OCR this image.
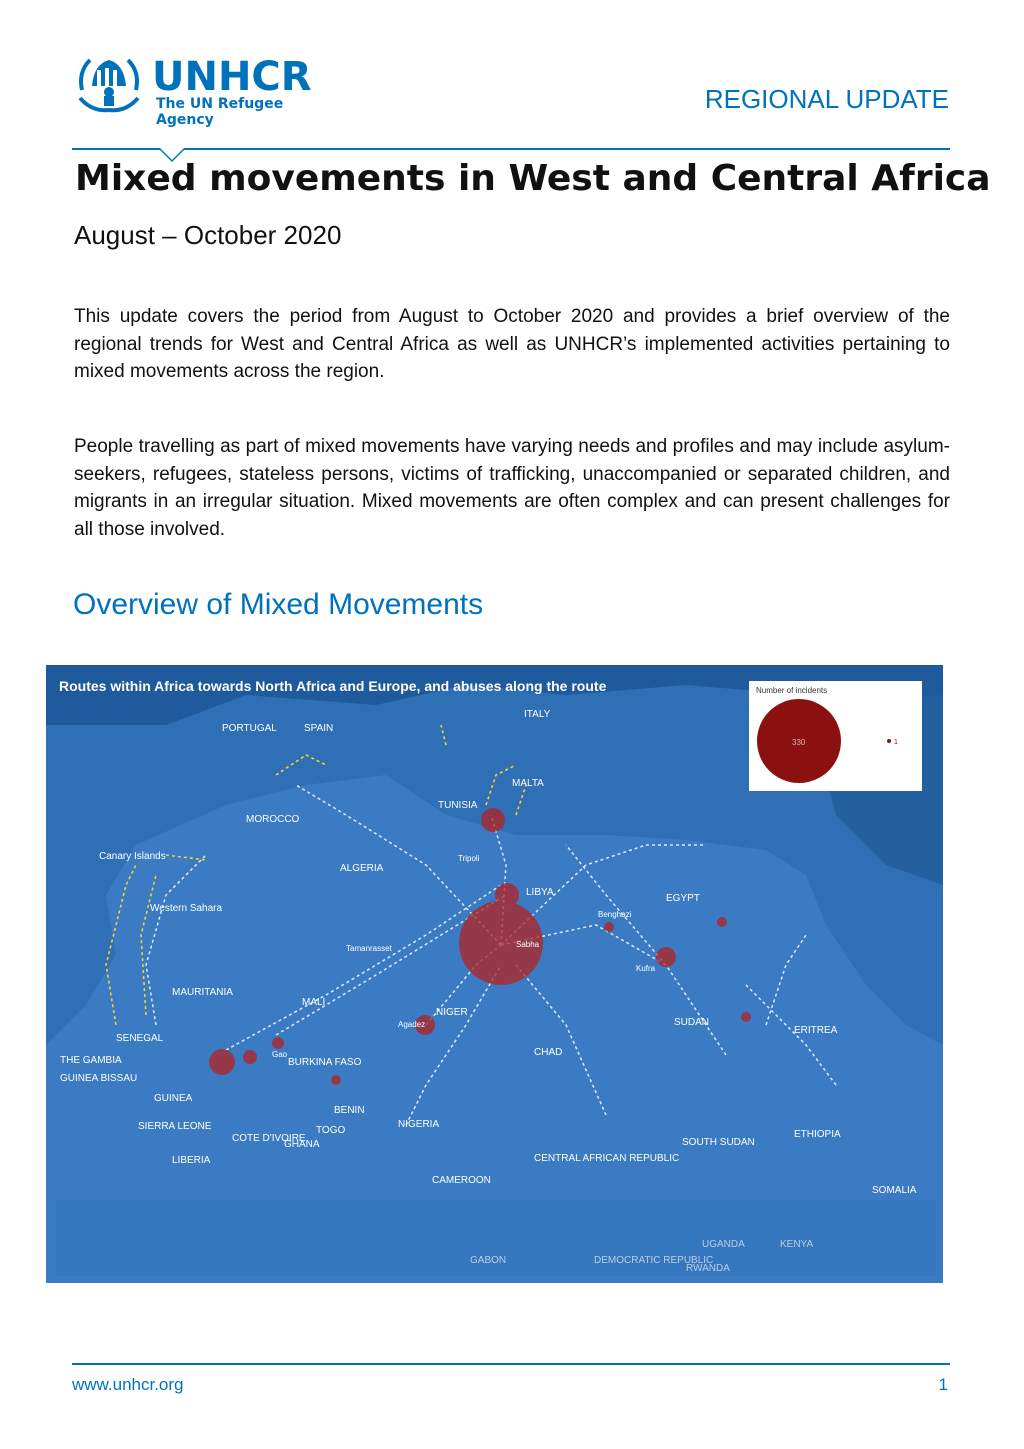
UNHCR
The UN Refugee Agency
REGIONAL UPDATE
Mixed movements in West and Central Africa
August – October 2020
This update covers the period from August to October 2020 and provides a brief overview of the regional trends for West and Central Africa as well as UNHCR’s implemented activities pertaining to mixed movements across the region.
People travelling as part of mixed movements have varying needs and profiles and may include asylum-seekers, refugees, stateless persons, victims of trafficking, unaccompanied or separated children, and migrants in an irregular situation. Mixed movements are often complex and can present challenges for all those involved.
Overview of Mixed Movements
Routes within Africa towards North Africa and Europe, and abuses along the route
PORTUGAL	SPAIN
ITALY
MALTA
TUNISIA
MOROCCO
ALGERIA
LIBYA
EGYPT
Canary Islands
Western Sahara
MAURITANIA
MALI
NIGER
CHAD
SUDAN
ERITREA
ETHIOPIA
SENEGAL
THE GAMBIA
GUINEA BISSAU
GUINEA
SIERRA LEONE
LIBERIA
COTE D'IVOIRE
BURKINA FASO
GHANA
TOGO
BENIN
NIGERIA
CENTRAL AFRICAN REPUBLIC
SOUTH SUDAN
CAMEROON
SOMALIA
UGANDA	KENYA
DEMOCRATIC REPUBLIC
GABON
RWANDA
Tamanrasset
Agadez
Kufra
Sabha
Benghazi
Tripoli
Gao
Number of incidents
330	1
www.unhcr.org	1
